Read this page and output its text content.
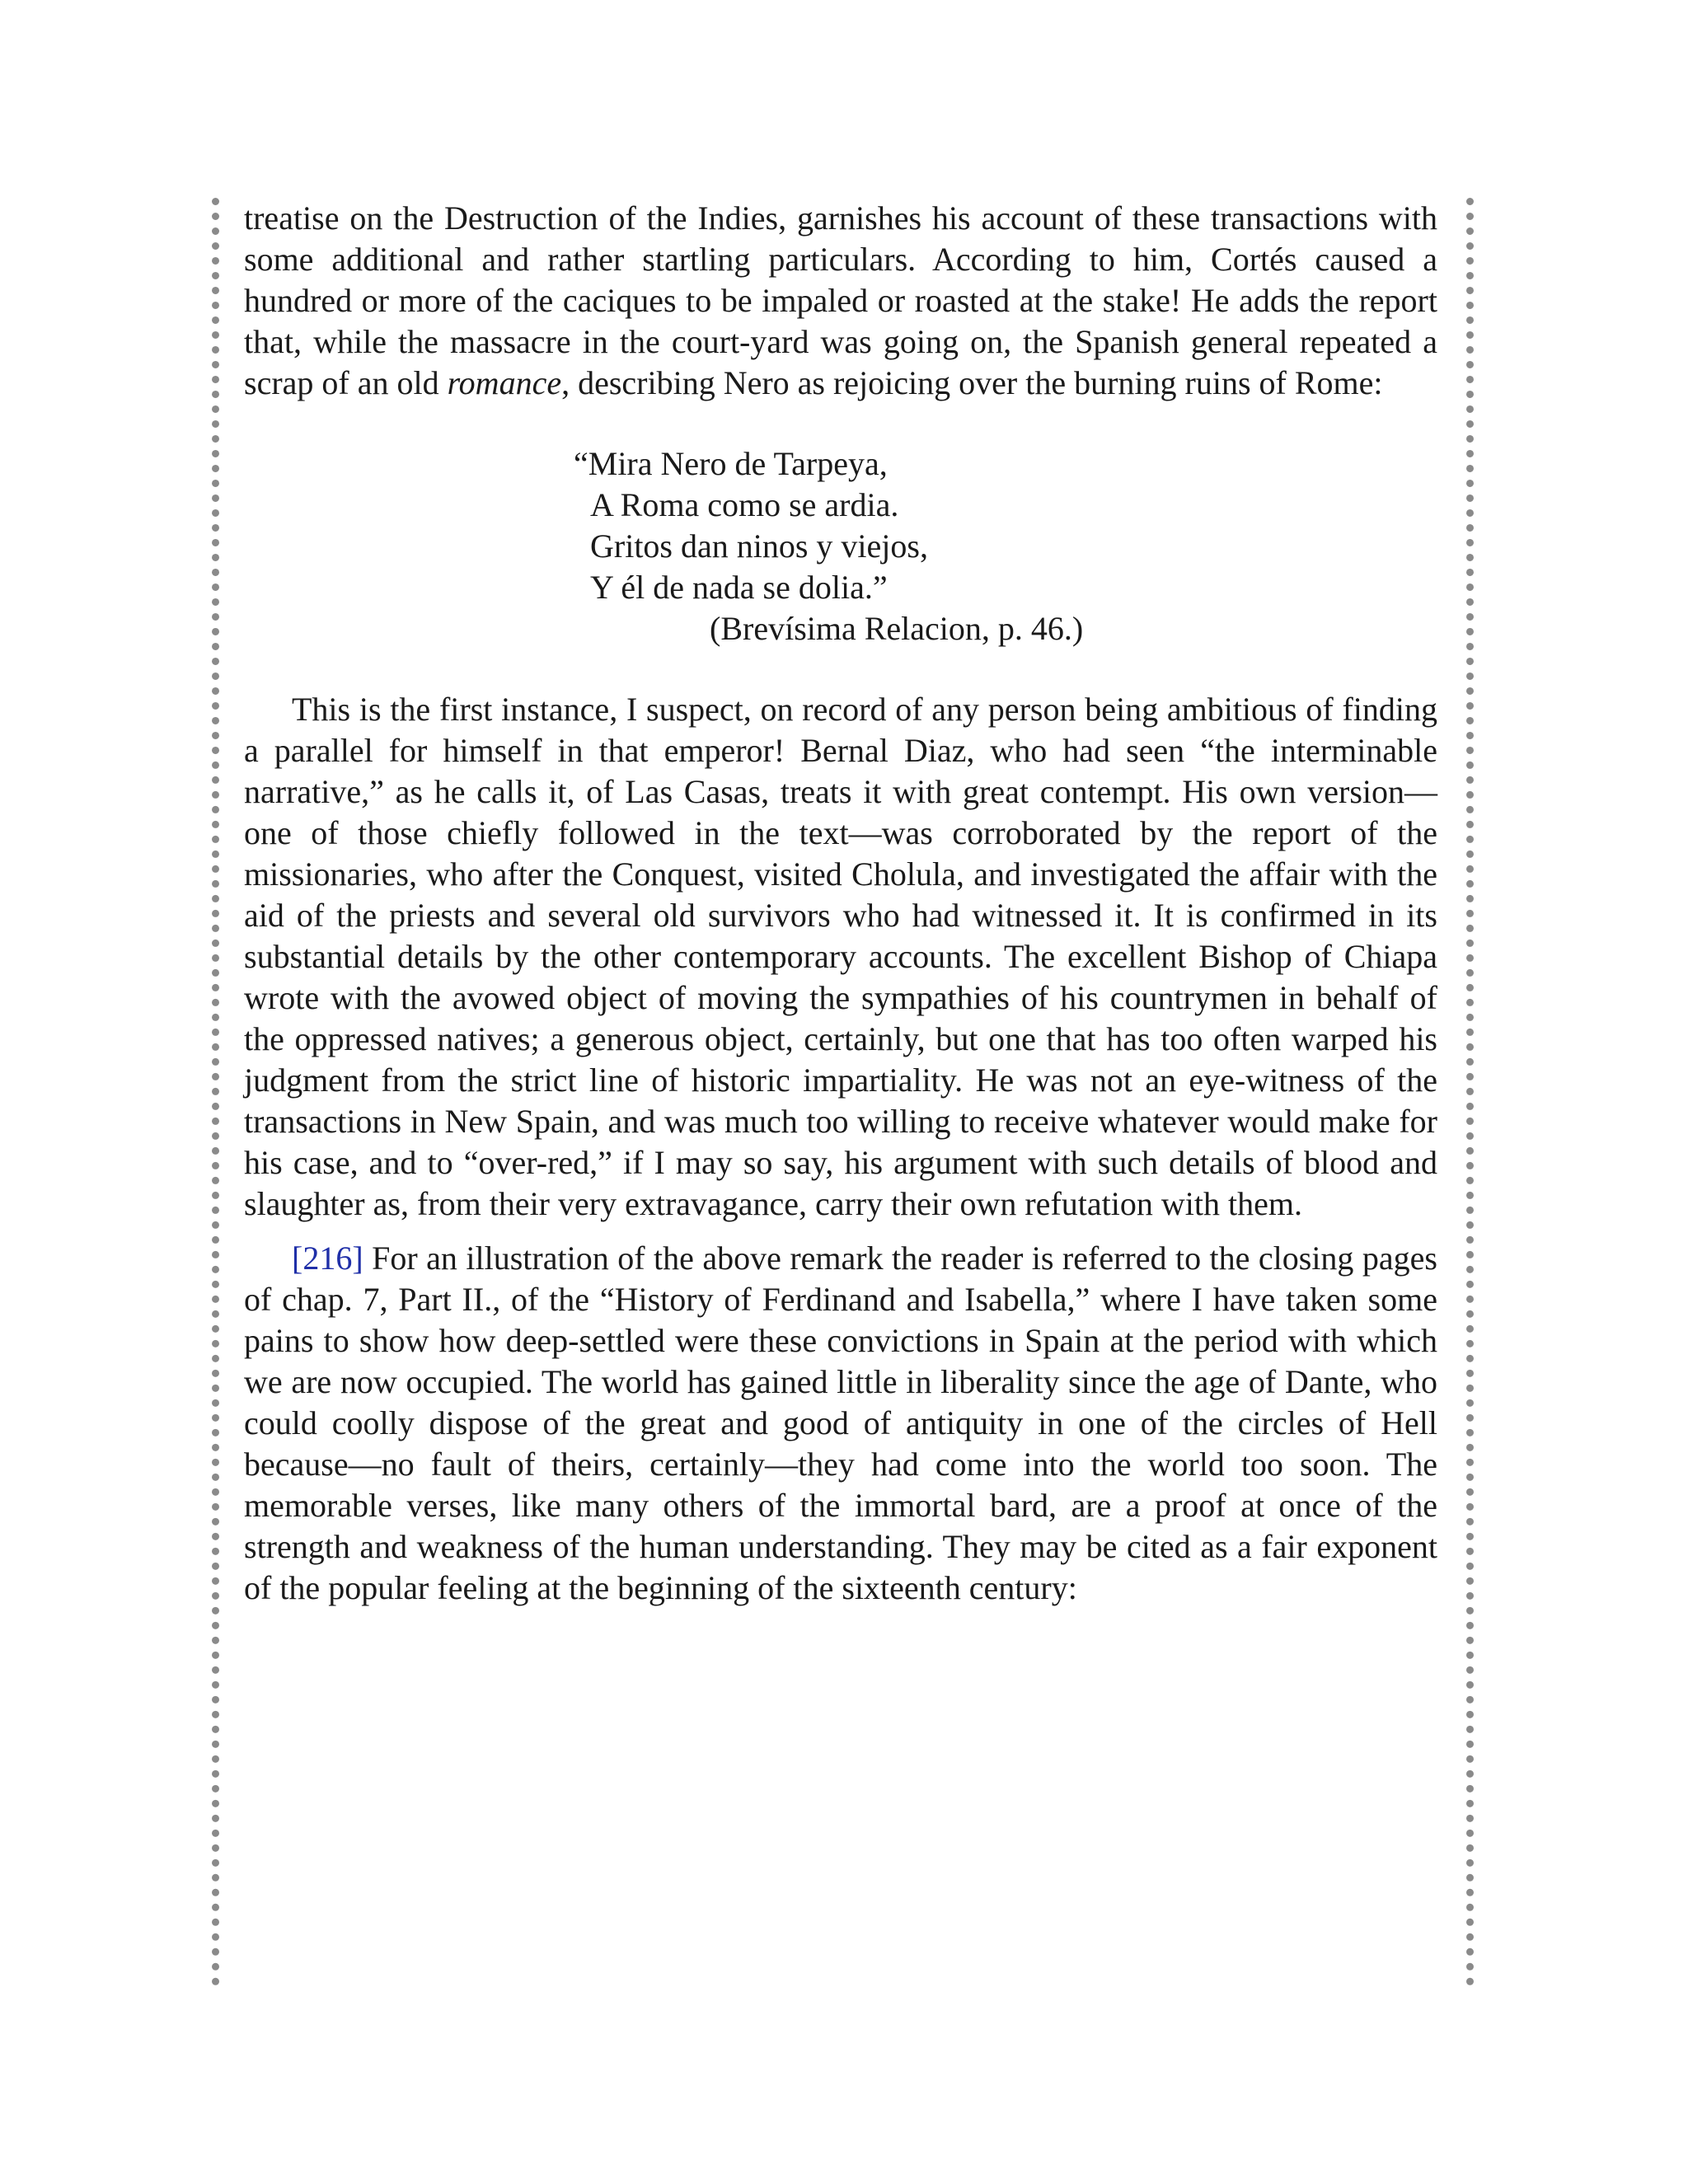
treatise on the Destruction of the Indies, garnishes his account of these transactions with some additional and rather startling particulars. According to him, Cortés caused a hundred or more of the caciques to be impaled or roasted at the stake! He adds the report that, while the massacre in the court-yard was going on, the Spanish general repeated a scrap of an old romance, describing Nero as rejoicing over the burning ruins of Rome:

“Mira Nero de Tarpeya,
A Roma como se ardia.
Gritos dan ninos y viejos,
Y él de nada se dolia.”
(Brevísima Relacion, p. 46.)

This is the first instance, I suspect, on record of any person being ambitious of finding a parallel for himself in that emperor! Bernal Diaz, who had seen “the interminable narrative,” as he calls it, of Las Casas, treats it with great contempt. His own version—one of those chiefly followed in the text—was corroborated by the report of the missionaries, who after the Conquest, visited Cholula, and investigated the affair with the aid of the priests and several old survivors who had witnessed it. It is confirmed in its substantial details by the other contemporary accounts. The excellent Bishop of Chiapa wrote with the avowed object of moving the sympathies of his countrymen in behalf of the oppressed natives; a generous object, certainly, but one that has too often warped his judgment from the strict line of historic impartiality. He was not an eye-witness of the transactions in New Spain, and was much too willing to receive whatever would make for his case, and to “over-red,” if I may so say, his argument with such details of blood and slaughter as, from their very extravagance, carry their own refutation with them.

[216] For an illustration of the above remark the reader is referred to the closing pages of chap. 7, Part II., of the “History of Ferdinand and Isabella,” where I have taken some pains to show how deep-settled were these convictions in Spain at the period with which we are now occupied. The world has gained little in liberality since the age of Dante, who could coolly dispose of the great and good of antiquity in one of the circles of Hell because—no fault of theirs, certainly—they had come into the world too soon. The memorable verses, like many others of the immortal bard, are a proof at once of the strength and weakness of the human understanding. They may be cited as a fair exponent of the popular feeling at the beginning of the sixteenth century:
